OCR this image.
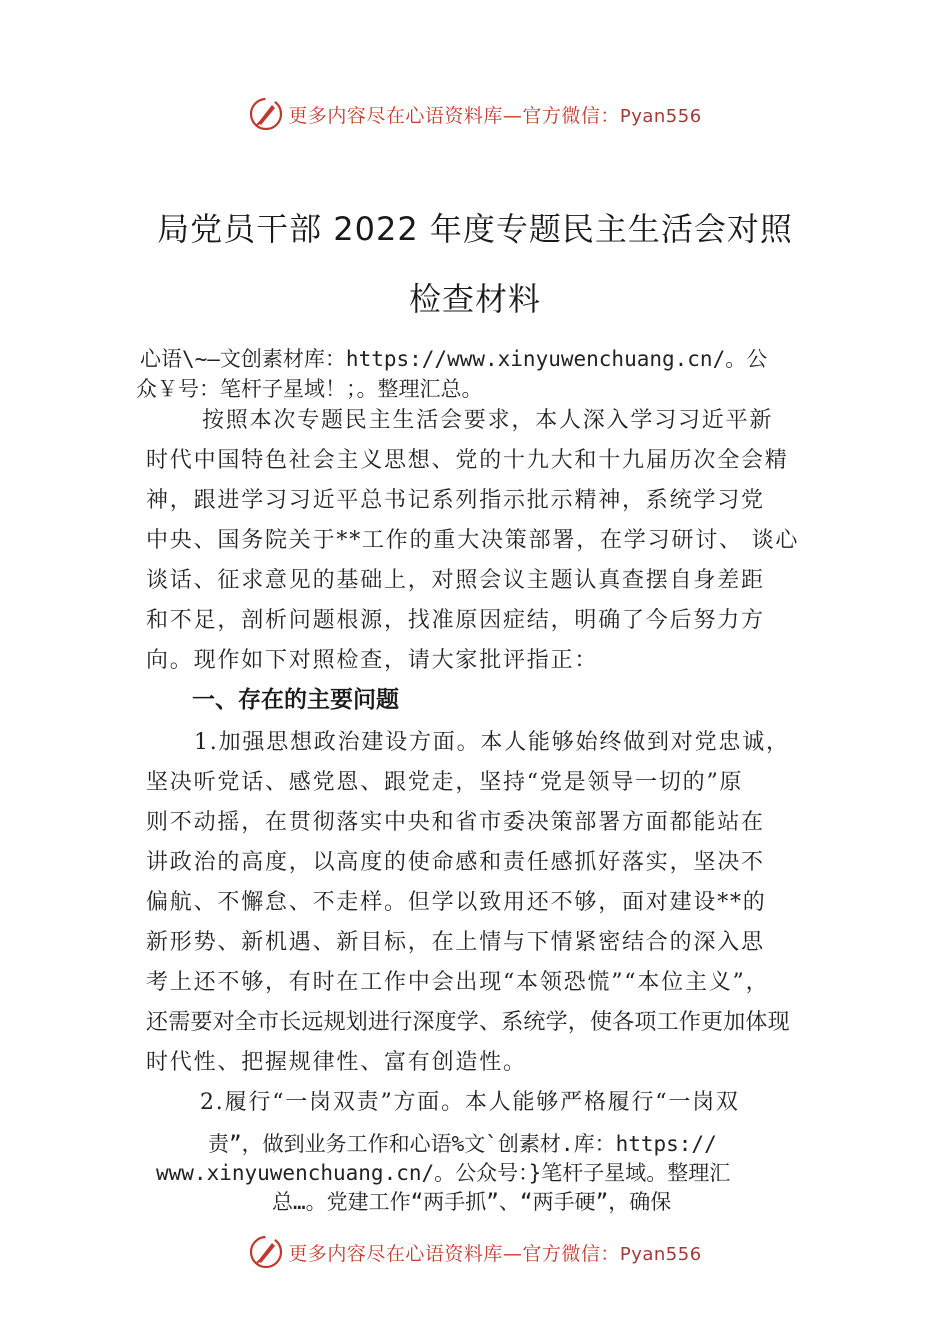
更多内容尽在心语资料库—官方微信：Pyan556
局党员干部 2022 年度专题民主生活会对照
检查材料
心语\~—文创素材库：https://www.xinyuwenchuang.cn/。公
众￥号：笔杆子星域！；。整理汇总。
按照本次专题民主生活会要求，本人深入学习习近平新
时代中国特色社会主义思想、党的十九大和十九届历次全会精
神，跟进学习习近平总书记系列指示批示精神，系统学习党
中央、国务院关于**工作的重大决策部署，在学习研讨、 谈心
谈话、征求意见的基础上，对照会议主题认真查摆自身差距
和不足，剖析问题根源，找准原因症结，明确了今后努力方
向。现作如下对照检查，请大家批评指正：
一、存在的主要问题
1.加强思想政治建设方面。本人能够始终做到对党忠诚，
坚决听党话、感党恩、跟党走，坚持“党是领导一切的”原
则不动摇，在贯彻落实中央和省市委决策部署方面都能站在
讲政治的高度，以高度的使命感和责任感抓好落实，坚决不
偏航、不懈怠、不走样。但学以致用还不够，面对建设**的
新形势、新机遇、新目标，在上情与下情紧密结合的深入思
考上还不够，有时在工作中会出现“本领恐慌”“本位主义”，
还需要对全市长远规划进行深度学、系统学，使各项工作更加体现
时代性、把握规律性、富有创造性。
2.履行“一岗双责”方面。本人能够严格履行“一岗双
责”，做到业务工作和心语%文`创素材.库：https://
www.xinyuwenchuang.cn/。公众号：}笔杆子星域。整理汇
总…。党建工作“两手抓”、“两手硬”，确保
更多内容尽在心语资料库—官方微信：Pyan556
